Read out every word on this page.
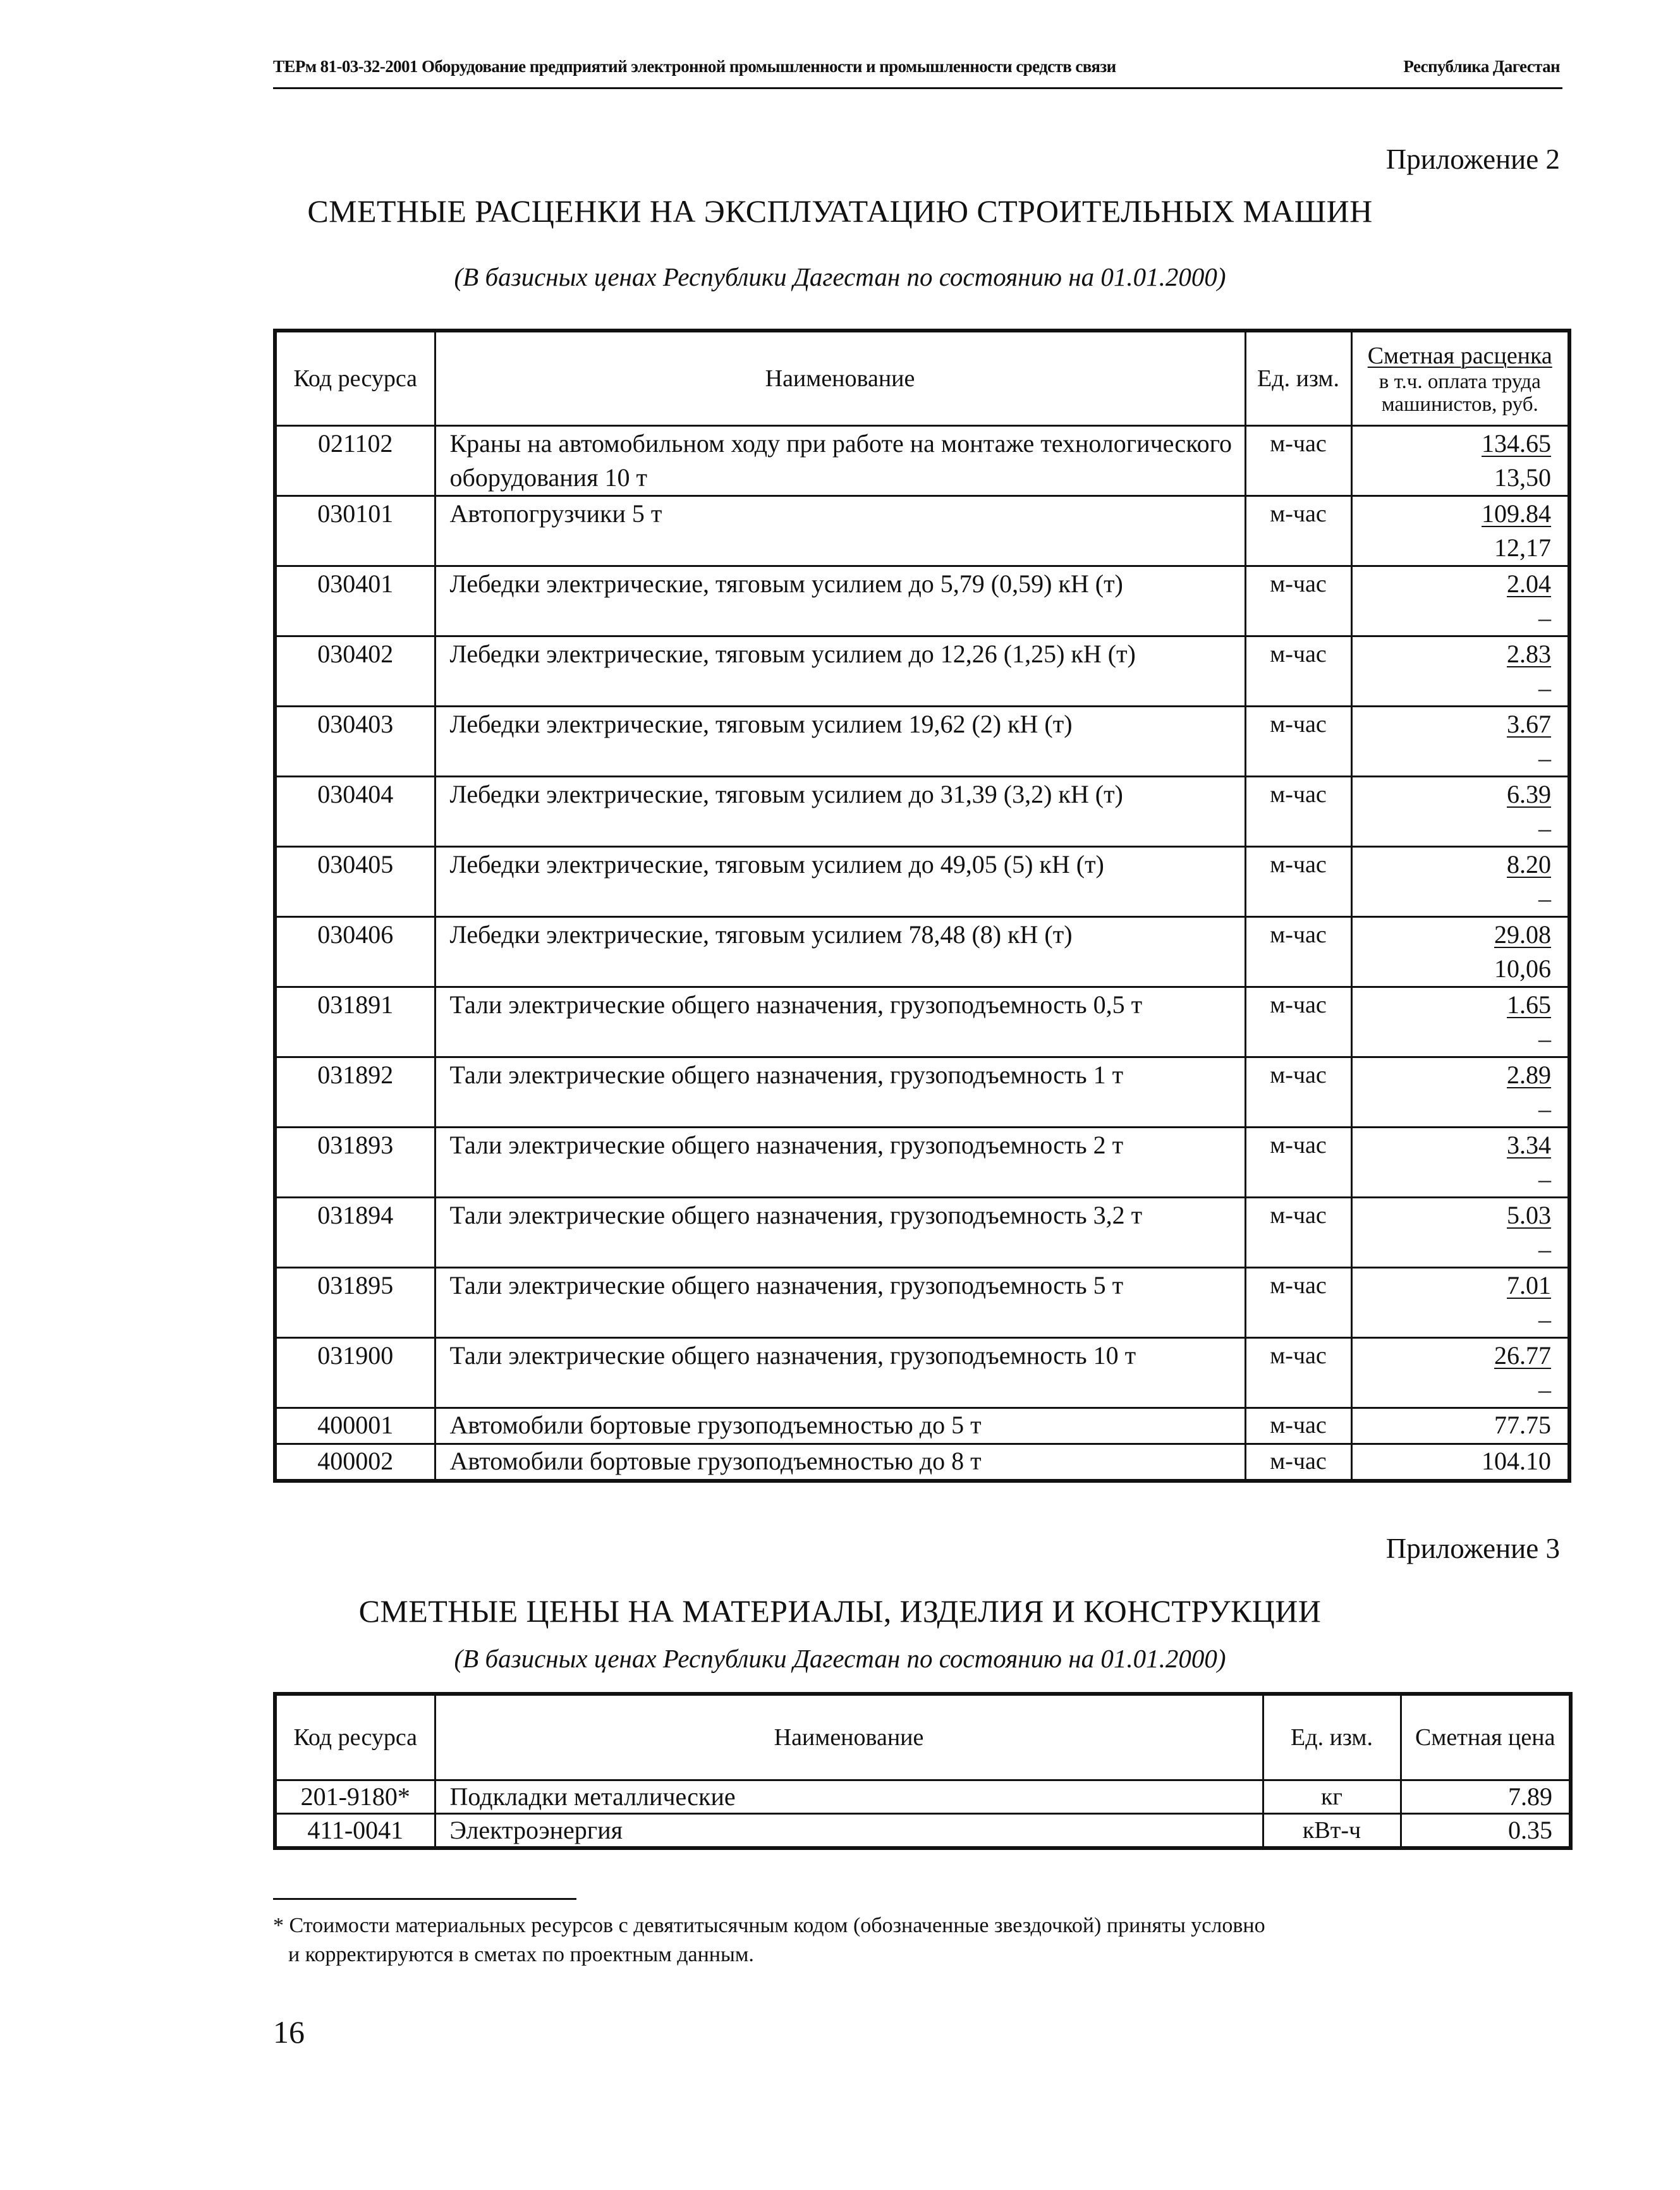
ТЕРм 81-03-32-2001 Оборудование предприятий электронной промышленности и промышленности средств связи	Республика Дагестан
Приложение 2
СМЕТНЫЕ РАСЦЕНКИ НА ЭКСПЛУАТАЦИЮ СТРОИТЕЛЬНЫХ МАШИН
(В базисных ценах Республики Дагестан по состоянию на 01.01.2000)
Код ресурса	Наименование	Ед. изм.	Сметная расценка
в т.ч. оплата труда машинистов, руб.

021102	Краны на автомобильном ходу при работе на монтаже технологического оборудования 10 т	м-час	134.65
13,50

030101	Автопогрузчики 5 т	м-час	109.84
12,17

030401	Лебедки электрические, тяговым усилием до 5,79 (0,59) кН (т)	м-час	2.04
–

030402	Лебедки электрические, тяговым усилием до 12,26 (1,25) кН (т)	м-час	2.83
–

030403	Лебедки электрические, тяговым усилием 19,62 (2) кН (т)	м-час	3.67
–

030404	Лебедки электрические, тяговым усилием до 31,39 (3,2) кН (т)	м-час	6.39
–

030405	Лебедки электрические, тяговым усилием до 49,05 (5) кН (т)	м-час	8.20
–

030406	Лебедки электрические, тяговым усилием 78,48 (8) кН (т)	м-час	29.08
10,06

031891	Тали электрические общего назначения, грузоподъемность 0,5 т	м-час	1.65
–

031892	Тали электрические общего назначения, грузоподъемность 1 т	м-час	2.89
–

031893	Тали электрические общего назначения, грузоподъемность 2 т	м-час	3.34
–

031894	Тали электрические общего назначения, грузоподъемность 3,2 т	м-час	5.03
–

031895	Тали электрические общего назначения, грузоподъемность 5 т	м-час	7.01
–

031900	Тали электрические общего назначения, грузоподъемность 10 т	м-час	26.77
–

400001	Автомобили бортовые грузоподъемностью до 5 т	м-час	77.75

400002	Автомобили бортовые грузоподъемностью до 8 т	м-час	104.10
Приложение 3
СМЕТНЫЕ ЦЕНЫ НА МАТЕРИАЛЫ, ИЗДЕЛИЯ И КОНСТРУКЦИИ
(В базисных ценах Республики Дагестан по состоянию на 01.01.2000)
Код ресурса	Наименование	Ед. изм.	Сметная цена
201-9180*	Подкладки металлические	кг	7.89
411-0041	Электроэнергия	кВт-ч	0.35
* Стоимости материальных ресурсов с девятитысячным кодом (обозначенные звездочкой) приняты условно
и корректируются в сметах по проектным данным.
16
